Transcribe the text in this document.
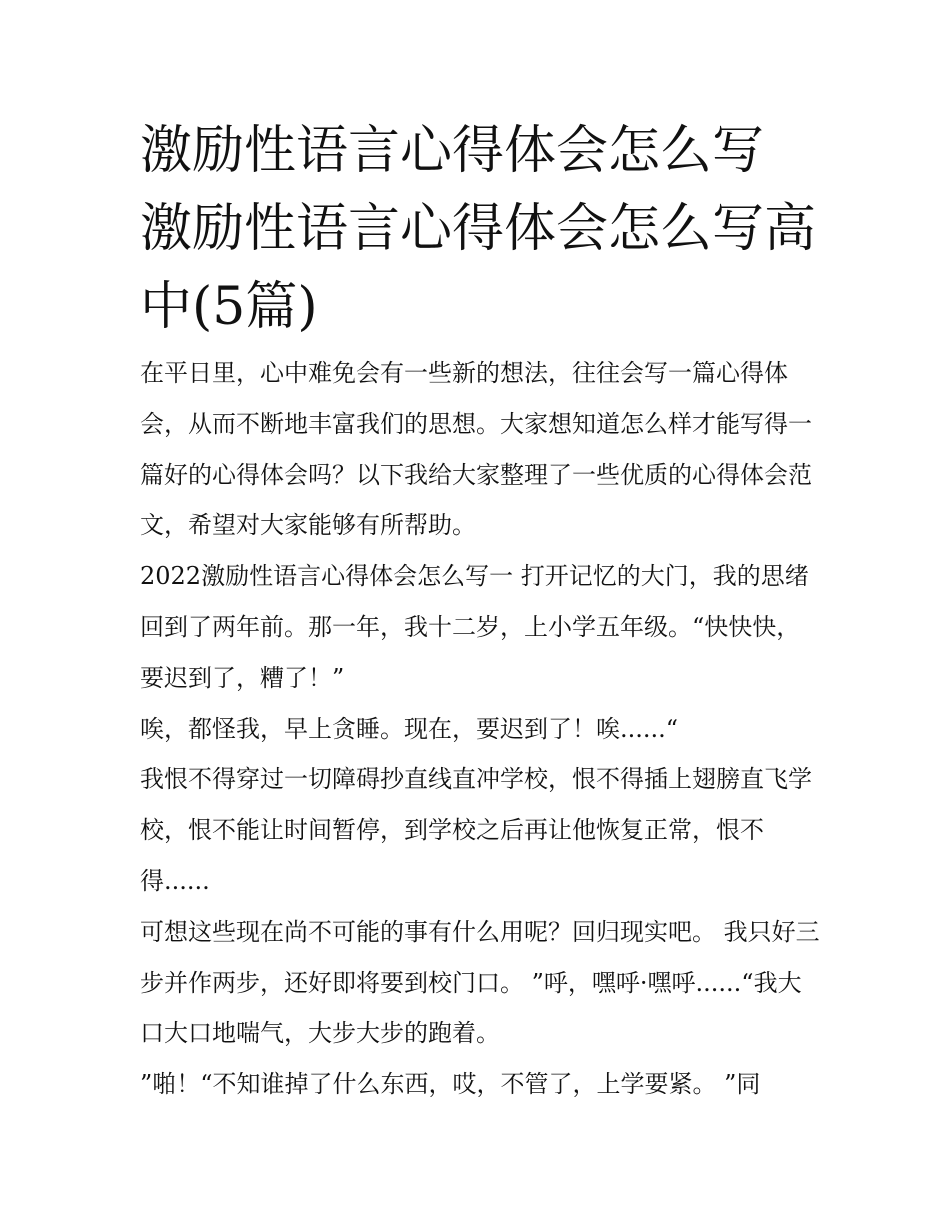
激励性语言心得体会怎么写 激励性语言心得体会怎么写高中(5篇)

在平日里，心中难免会有一些新的想法，往往会写一篇心得体会，从而不断地丰富我们的思想。大家想知道怎么样才能写得一篇好的心得体会吗？以下我给大家整理了一些优质的心得体会范文，希望对大家能够有所帮助。

2022激励性语言心得体会怎么写一 打开记忆的大门，我的思绪回到了两年前。那一年，我十二岁，上小学五年级。“快快快，要迟到了，糟了！”

唉，都怪我，早上贪睡。现在，要迟到了！唉......“

我恨不得穿过一切障碍抄直线直冲学校，恨不得插上翅膀直飞学校，恨不能让时间暂停，到学校之后再让他恢复正常，恨不得......

可想这些现在尚不可能的事有什么用呢？回归现实吧。 我只好三步并作两步，还好即将要到校门口。 ”呼，嘿呼·嘿呼......“我大口大口地喘气，大步大步的跑着。

”啪！“不知谁掉了什么东西，哎，不管了，上学要紧。 ”同
